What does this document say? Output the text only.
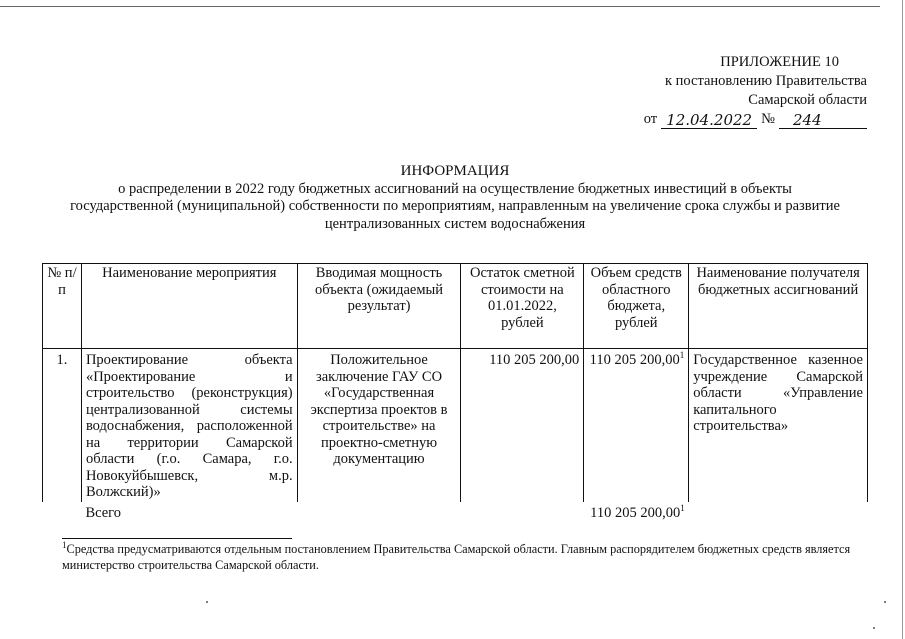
ПРИЛОЖЕНИЕ 10
к постановлению Правительства
Самарской области
от 12.04.2022 №	244
ИНФОРМАЦИЯ
о распределении в 2022 году бюджетных ассигнований на осуществление бюджетных инвестиций в объекты государственной (муниципальной) собственности по мероприятиям, направленным на увеличение срока службы и развитие централизованных систем водоснабжения
№ п/п	Наименование мероприятия	Вводимая мощность объекта (ожидаемый результат)	Остаток сметной стоимости на 01.01.2022, рублей	Объем средств областного бюджета, рублей	Наименование получателя бюджетных ассигнований
1.	Проектирование объекта «Проектирование и строительство (реконструкция) централизованной системы водоснабжения, расположенной на территории Самарской области (г.о. Самара, г.о. Новокуйбышевск, м.р. Волжский)»	Положительное заключение ГАУ СО «Государственная экспертиза проектов в строительстве» на проектно-сметную документацию	110 205 200,00	110 205 200,00$^1$	Государственное казенное учреждение Самарской области «Управление капитального строительства»
	Всего			110 205 200,00$^1$	
$^1$Средства предусматриваются отдельным постановлением Правительства Самарской области. Главным распорядителем бюджетных средств является министерство строительства Самарской области.
